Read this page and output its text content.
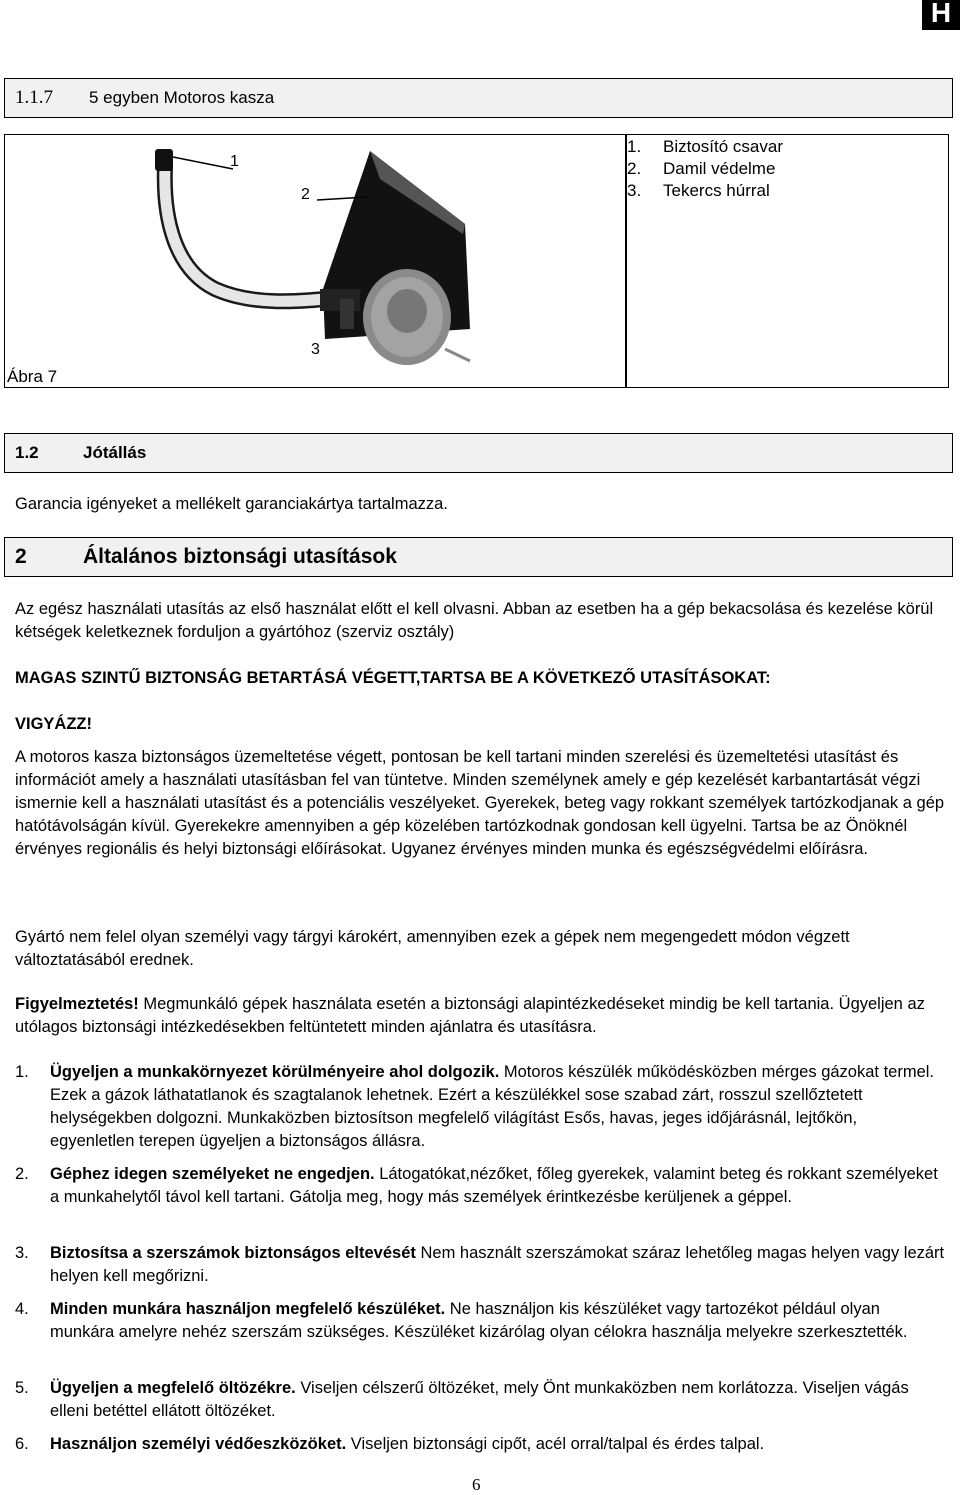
H
1.1.7 5 egyben Motoros kasza
Ábra 7
1
2
3
1. Biztosító csavar
2. Damil védelme
3. Tekercs húrral
1.2	Jótállás
Garancia igényeket a mellékelt garanciakártya tartalmazza.
2	Általános biztonsági utasítások
Az egész használati utasítás az első használat előtt el kell olvasni. Abban az esetben ha a gép bekacsolása és kezelése körül kétségek keletkeznek forduljon a gyártóhoz (szerviz osztály)
MAGAS SZINTŰ BIZTONSÁG BETARTÁSÁ VÉGETT,TARTSA BE A KÖVETKEZŐ UTASÍTÁSOKAT:
VIGYÁZZ!
A motoros kasza biztonságos üzemeltetése végett, pontosan be kell tartani minden szerelési és üzemeltetési utasítást és információt amely a használati utasításban fel van tüntetve. Minden személynek amely e gép kezelését karbantartását végzi ismernie kell a használati utasítást és a potenciális veszélyeket. Gyerekek, beteg vagy rokkant személyek tartózkodjanak a gép hatótávolságán kívül. Gyerekekre amennyiben a gép közelében tartózkodnak gondosan kell ügyelni. Tartsa be az Önöknél érvényes regionális és helyi biztonsági előírásokat. Ugyanez érvényes minden munka és egészségvédelmi előírásra.
Gyártó nem felel olyan személyi vagy tárgyi károkért, amennyiben ezek a gépek nem megengedett módon végzett változtatásából erednek.
Figyelmeztetés! Megmunkáló gépek használata esetén a biztonsági alapintézkedéseket mindig be kell tartania. Ügyeljen az utólagos biztonsági intézkedésekben feltüntetett minden ajánlatra és utasításra.
1.	Ügyeljen a munkakörnyezet körülményeire ahol dolgozik. Motoros készülék működésközben mérges gázokat termel. Ezek a gázok láthatatlanok és szagtalanok lehetnek. Ezért a készülékkel sose szabad zárt, rosszul szellőztetett helységekben dolgozni. Munkaközben biztosítson megfelelő világítást Esős, havas, jeges időjárásnál, lejtőkön, egyenletlen terepen ügyeljen a biztonságos állásra.
2.	Géphez idegen személyeket ne engedjen. Látogatókat,nézőket, főleg gyerekek, valamint beteg és rokkant személyeket a munkahelytől távol kell tartani. Gátolja meg, hogy más személyek érintkezésbe kerüljenek a géppel.
3.	Biztosítsa a szerszámok biztonságos eltevését Nem használt szerszámokat száraz lehetőleg magas helyen vagy lezárt helyen kell megőrizni.
4.	Minden munkára használjon megfelelő készüléket. Ne használjon kis készüléket vagy tartozékot például olyan munkára amelyre nehéz szerszám szükséges. Készüléket kizárólag olyan célokra használja melyekre szerkesztették.
5.	Ügyeljen a megfelelő öltözékre. Viseljen célszerű öltözéket, mely Önt munkaközben nem korlátozza. Viseljen vágás elleni betéttel ellátott öltözéket.
6.	Használjon személyi védőeszközöket. Viseljen biztonsági cipőt, acél orral/talpal és érdes talpal.
6
